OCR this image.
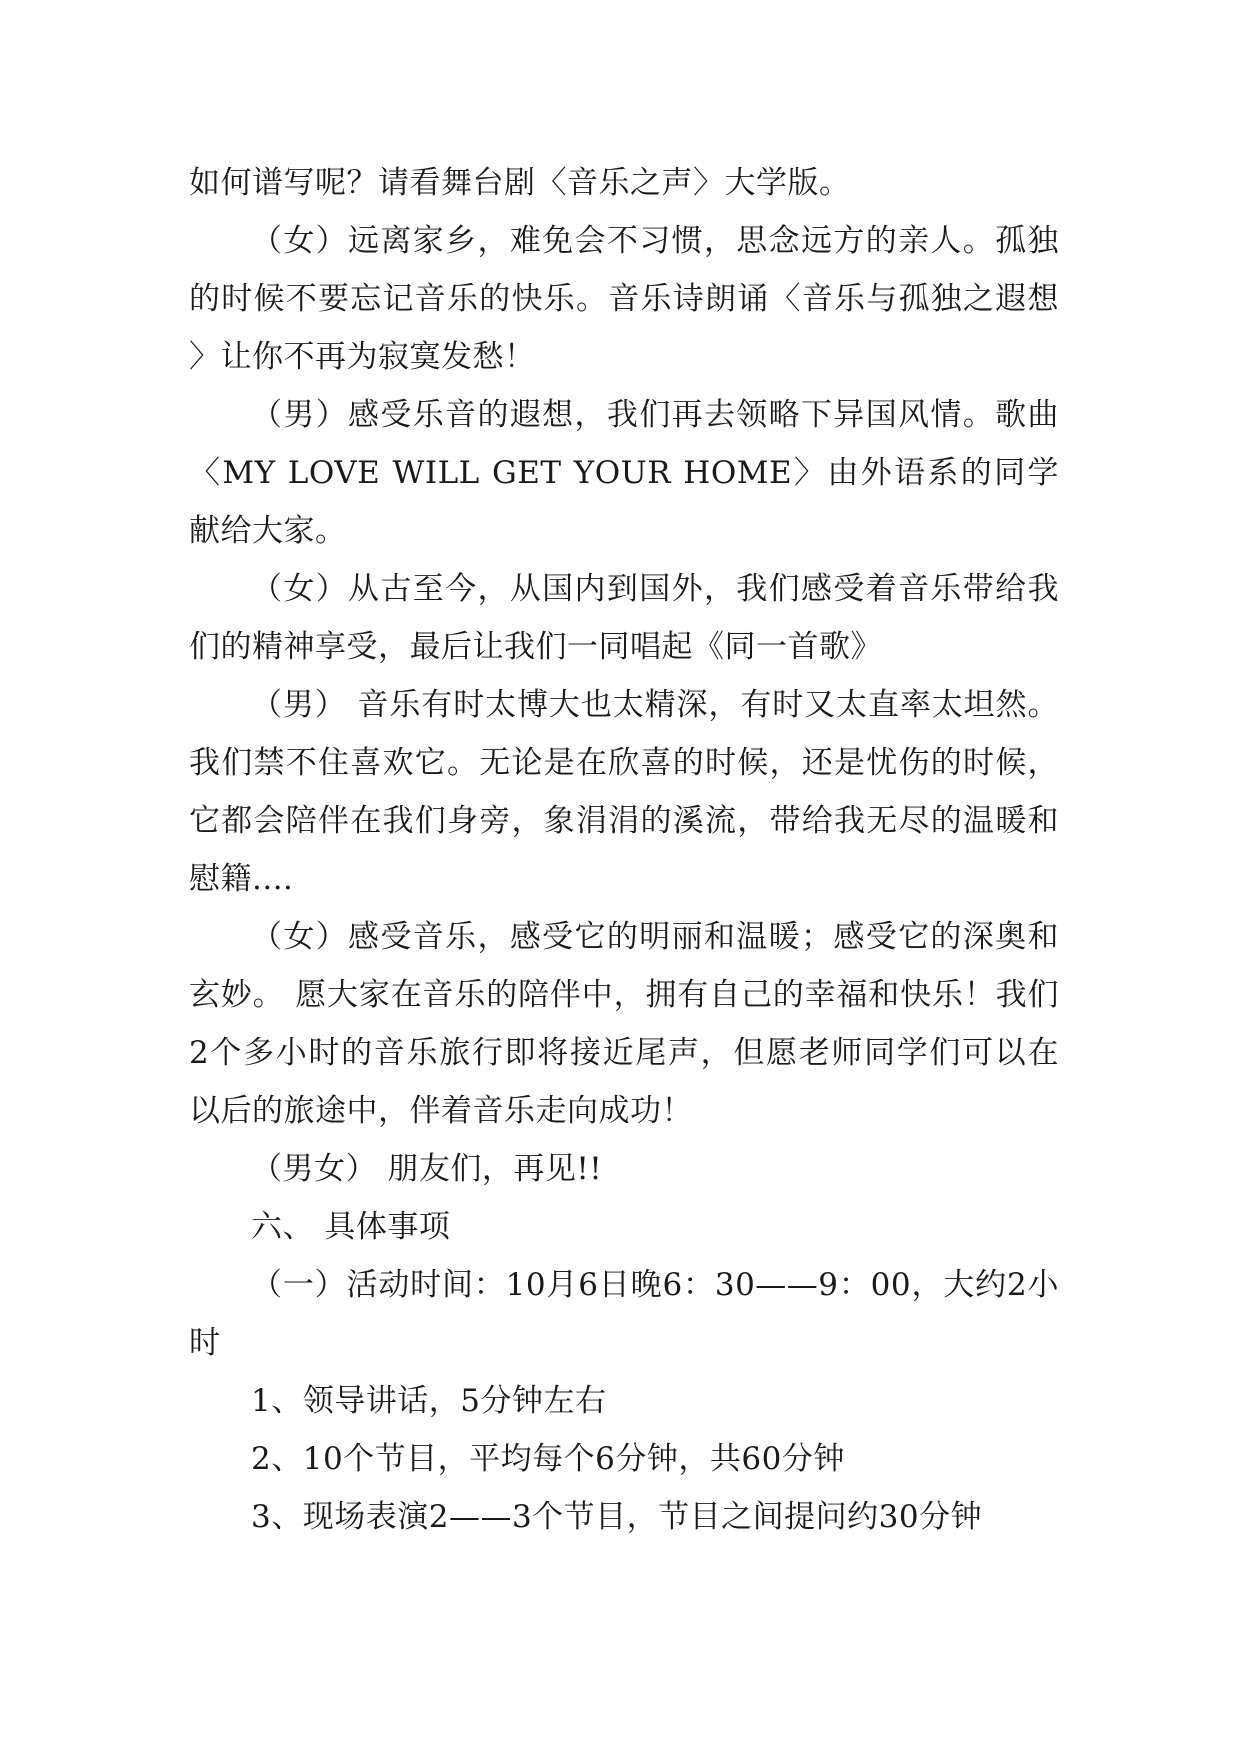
如何谱写呢？请看舞台剧〈音乐之声〉大学版。

（女）远离家乡，难免会不习惯，思念远方的亲人。孤独的时候不要忘记音乐的快乐。音乐诗朗诵〈音乐与孤独之遐想 〉让你不再为寂寞发愁！

（男）感受乐音的遐想，我们再去领略下异国风情。歌曲〈MY LOVE WILL GET YOUR HOME〉由外语系的同学献给大家。

（女）从古至今，从国内到国外，我们感受着音乐带给我们的精神享受，最后让我们一同唱起《同一首歌》

（男） 音乐有时太博大也太精深，有时又太直率太坦然。我们禁不住喜欢它。无论是在欣喜的时候，还是忧伤的时候，它都会陪伴在我们身旁，象涓涓的溪流，带给我无尽的温暖和慰籍....

（女）感受音乐，感受它的明丽和温暖；感受它的深奥和玄妙。 愿大家在音乐的陪伴中，拥有自己的幸福和快乐！我们2个多小时的音乐旅行即将接近尾声，但愿老师同学们可以在以后的旅途中，伴着音乐走向成功！

（男女） 朋友们，再见!!

六、 具体事项

（一）活动时间：10月6日晚6：30——9：00，大约2小时

1、领导讲话，5分钟左右

2、10个节目，平均每个6分钟，共60分钟

3、现场表演2——3个节目，节目之间提问约30分钟
